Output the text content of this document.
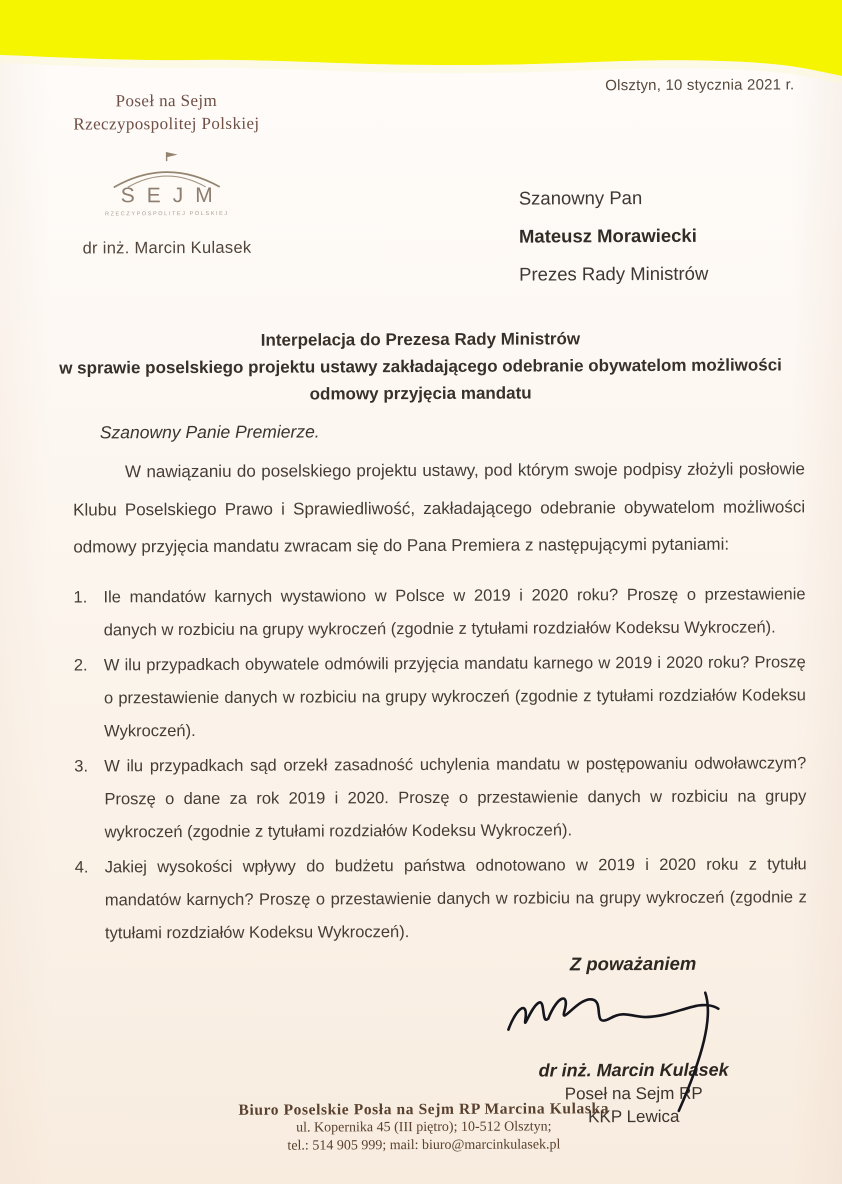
Olsztyn, 10 stycznia 2021 r.
Poseł na Sejm
Rzeczypospolitej Polskiej
SEJM
RZECZYPOSPOLITEJ POLSKIEJ
dr inż. Marcin Kulasek
Szanowny Pan
Mateusz Morawiecki
Prezes Rady Ministrów
Interpelacja do Prezesa Rady Ministrów
w sprawie poselskiego projektu ustawy zakładającego odebranie obywatelom możliwości odmowy przyjęcia mandatu
Szanowny Panie Premierze.

W nawiązaniu do poselskiego projektu ustawy, pod którym swoje podpisy złożyli posłowie Klubu Poselskiego Prawo i Sprawiedliwość, zakładającego odebranie obywatelom możliwości odmowy przyjęcia mandatu zwracam się do Pana Premiera z następującymi pytaniami:

1. Ile mandatów karnych wystawiono w Polsce w 2019 i 2020 roku? Proszę o przestawienie danych w rozbiciu na grupy wykroczeń (zgodnie z tytułami rozdziałów Kodeksu Wykroczeń).
2. W ilu przypadkach obywatele odmówili przyjęcia mandatu karnego w 2019 i 2020 roku? Proszę o przestawienie danych w rozbiciu na grupy wykroczeń (zgodnie z tytułami rozdziałów Kodeksu Wykroczeń).
3. W ilu przypadkach sąd orzekł zasadność uchylenia mandatu w postępowaniu odwoławczym? Proszę o dane za rok 2019 i 2020. Proszę o przestawienie danych w rozbiciu na grupy wykroczeń (zgodnie z tytułami rozdziałów Kodeksu Wykroczeń).
4. Jakiej wysokości wpływy do budżetu państwa odnotowano w 2019 i 2020 roku z tytułu mandatów karnych? Proszę o przestawienie danych w rozbiciu na grupy wykroczeń (zgodnie z tytułami rozdziałów Kodeksu Wykroczeń).
Z poważaniem
dr inż. Marcin Kulasek
Poseł na Sejm RP
KKP Lewica
Biuro Poselskie Posła na Sejm RP Marcina Kulaska
ul. Kopernika 45 (III piętro); 10-512 Olsztyn;
tel.: 514 905 999; mail: biuro@marcinkulasek.pl
